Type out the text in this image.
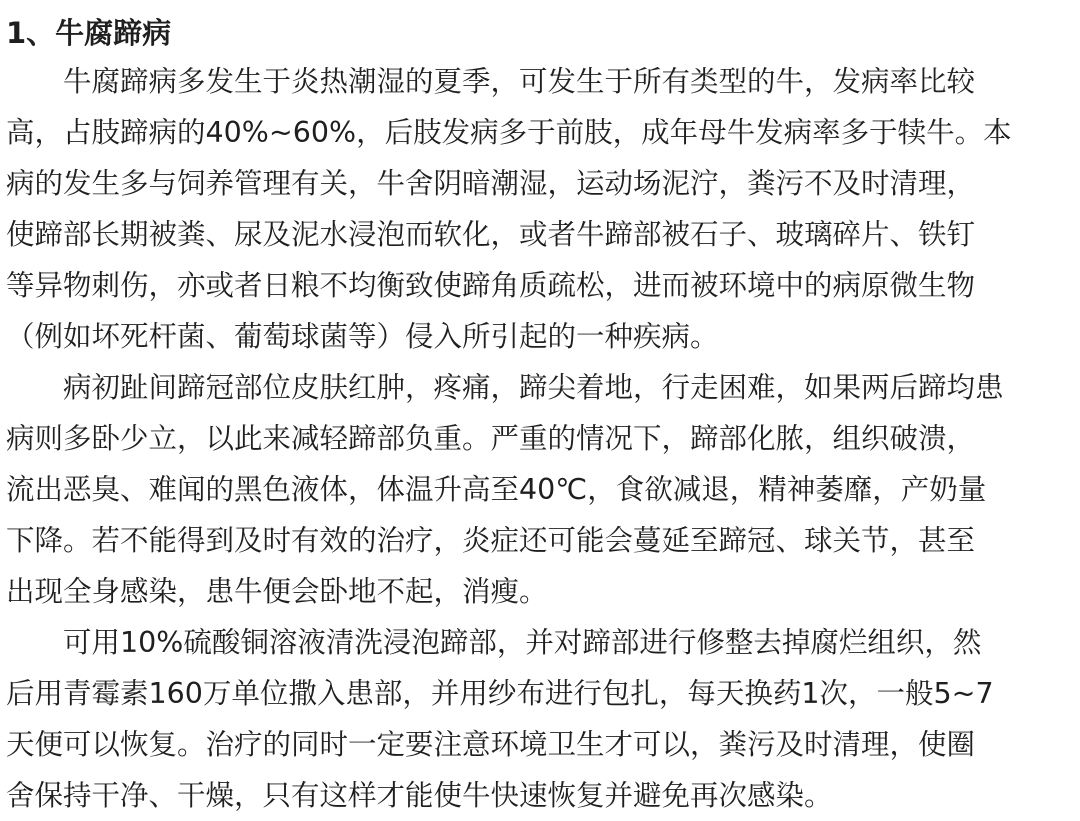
1、牛腐蹄病

　　牛腐蹄病多发生于炎热潮湿的夏季，可发生于所有类型的牛，发病率比较
高，占肢蹄病的40%~60%，后肢发病多于前肢，成年母牛发病率多于犊牛。本
病的发生多与饲养管理有关，牛舍阴暗潮湿，运动场泥泞，粪污不及时清理，
使蹄部长期被粪、尿及泥水浸泡而软化，或者牛蹄部被石子、玻璃碎片、铁钉
等异物刺伤，亦或者日粮不均衡致使蹄角质疏松，进而被环境中的病原微生物
（例如坏死杆菌、葡萄球菌等）侵入所引起的一种疾病。

　　病初趾间蹄冠部位皮肤红肿，疼痛，蹄尖着地，行走困难，如果两后蹄均患
病则多卧少立，以此来减轻蹄部负重。严重的情况下，蹄部化脓，组织破溃，
流出恶臭、难闻的黑色液体，体温升高至40℃，食欲减退，精神萎靡，产奶量
下降。若不能得到及时有效的治疗，炎症还可能会蔓延至蹄冠、球关节，甚至
出现全身感染，患牛便会卧地不起，消瘦。

　　可用10%硫酸铜溶液清洗浸泡蹄部，并对蹄部进行修整去掉腐烂组织，然
后用青霉素160万单位撒入患部，并用纱布进行包扎，每天换药1次，一般5~7
天便可以恢复。治疗的同时一定要注意环境卫生才可以，粪污及时清理，使圈
舍保持干净、干燥，只有这样才能使牛快速恢复并避免再次感染。
